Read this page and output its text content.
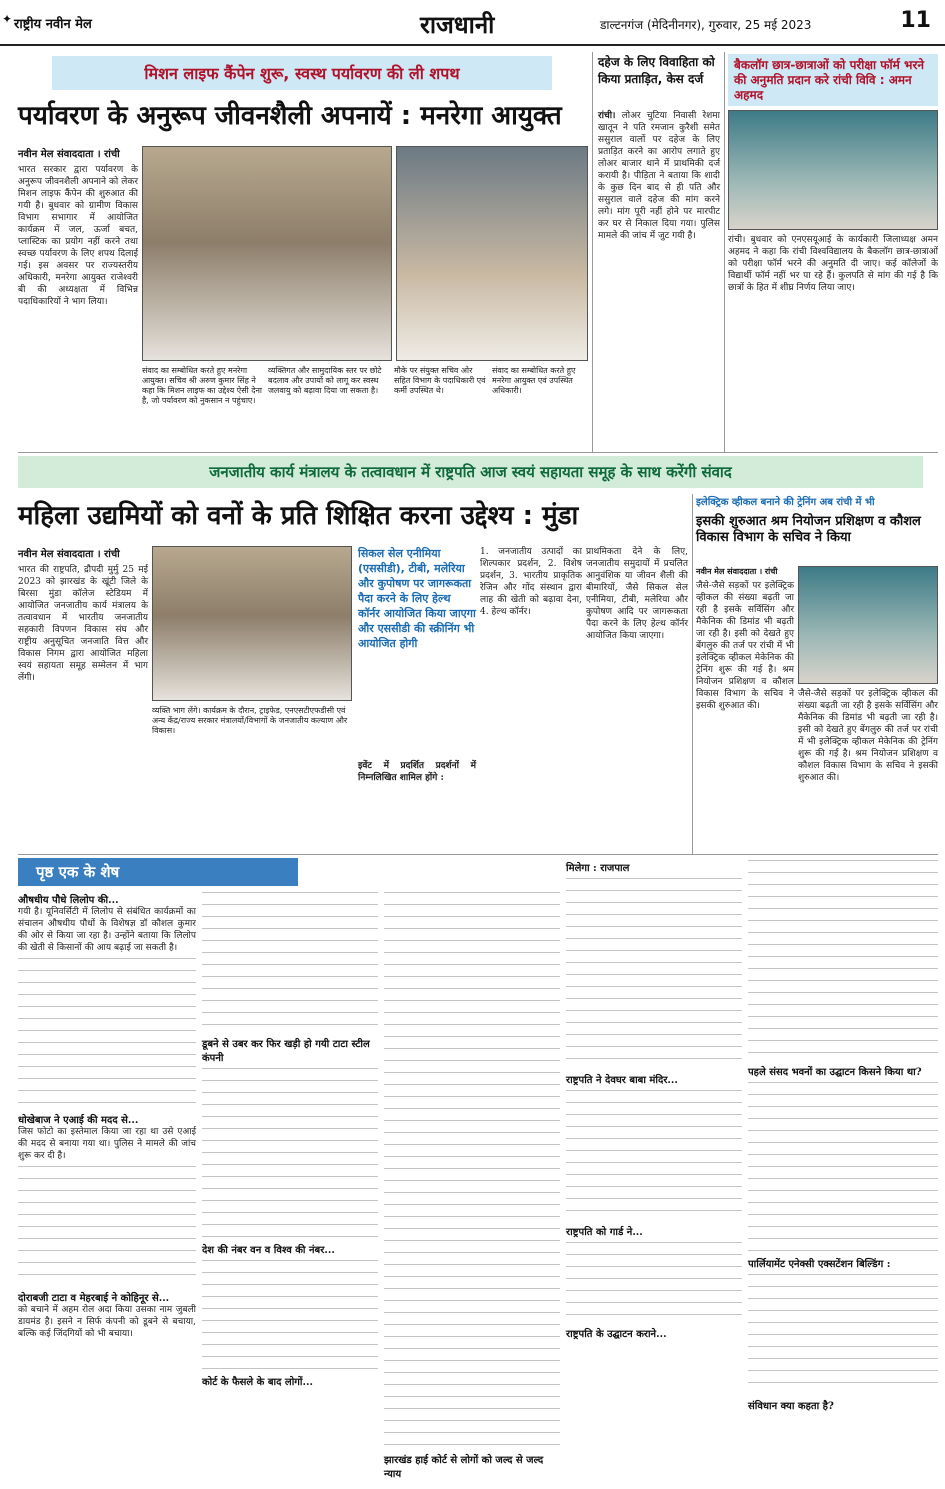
✦ राष्ट्रीय नवीन मेल	राजधानी	डाल्टनगंज (मेदिनीनगर), गुरुवार, 25 मई 2023	11
मिशन लाइफ कैंपेन शुरू, स्वस्थ पर्यावरण की ली शपथ
पर्यावरण के अनुरूप जीवनशैली अपनायें : मनरेगा आयुक्त
नवीन मेल संवाददाता । रांची
भारत सरकार द्वारा पर्यावरण के अनुरूप जीवनशैली अपनाने को लेकर मिशन लाइफ कैंपेन की शुरुआत की गयी है। बुधवार को ग्रामीण विकास विभाग सभागार में आयोजित कार्यक्रम में जल, ऊर्जा बचत, प्लास्टिक का प्रयोग नहीं करने तथा स्वच्छ पर्यावरण के लिए शपथ दिलाई गई। इस अवसर पर राज्यस्तरीय अधिकारी, मनरेगा आयुक्त राजेश्वरी बी की अध्यक्षता में विभिन्न पदाधिकारियों ने भाग लिया।
संवाद का सम्बोधित करते हुए मनरेगा आयुक्त। सचिव श्री अरुण कुमार सिंह ने कहा कि मिशन लाइफ का उद्देश्य ऐसी देना है, जो पर्यावरण को नुकसान न पहुंचाए।
व्यक्तिगत और सामुदायिक स्तर पर छोटे बदलाव और उपायों को लागू कर स्वस्थ जलवायु को बढ़ावा दिया जा सकता है।
मौके पर संयुक्त सचिव ओर सहित विभाग के पदाधिकारी एवं कर्मी उपस्थित थे।
संवाद का सम्बोधित करते हुए मनरेगा आयुक्त एवं उपस्थित अधिकारी।
दहेज के लिए विवाहिता को किया प्रताड़ित, केस दर्ज
रांची। लोअर चुटिया निवासी रेशमा खातून ने पति रमजान कुरैशी समेत ससुराल वालों पर दहेज के लिए प्रताड़ित करने का आरोप लगाते हुए लोअर बाजार थाने में प्राथमिकी दर्ज करायी है। पीड़िता ने बताया कि शादी के कुछ दिन बाद से ही पति और ससुराल वाले दहेज की मांग करने लगे। मांग पूरी नहीं होने पर मारपीट कर घर से निकाल दिया गया। पुलिस मामले की जांच में जुट गयी है।
बैकलॉग छात्र-छात्राओं को परीक्षा फॉर्म भरने की अनुमति प्रदान करे रांची विवि : अमन अहमद
रांची। बुधवार को एनएसयूआई के कार्यकारी जिलाध्यक्ष अमन अहमद ने कहा कि रांची विश्वविद्यालय के बैकलॉग छात्र-छात्राओं को परीक्षा फॉर्म भरने की अनुमति दी जाए। कई कॉलेजों के विद्यार्थी फॉर्म नहीं भर पा रहे हैं। कुलपति से मांग की गई है कि छात्रों के हित में शीघ्र निर्णय लिया जाए।
जनजातीय कार्य मंत्रालय के तत्वावधान में राष्ट्रपति आज स्वयं सहायता समूह के साथ करेंगी संवाद
महिला उद्यमियों को वनों के प्रति शिक्षित करना उद्देश्य : मुंडा
नवीन मेल संवाददाता । रांची
भारत की राष्ट्रपति, द्रौपदी मुर्मु 25 मई 2023 को झारखंड के खूंटी जिले के बिरसा मुंडा कॉलेज स्टेडियम में आयोजित जनजातीय कार्य मंत्रालय के तत्वावधान में भारतीय जनजातीय सहकारी विपणन विकास संघ और राष्ट्रीय अनुसूचित जनजाति वित्त और विकास निगम द्वारा आयोजित महिला स्वयं सहायता समूह सम्मेलन में भाग लेंगी।
सिकल सेल एनीमिया (एससीडी), टीबी, मलेरिया और कुपोषण पर जागरूकता पैदा करने के लिए हेल्थ कॉर्नर आयोजित किया जाएगा और एससीडी की स्क्रीनिंग भी आयोजित होगी
व्यक्ति भाग लेंगे। कार्यक्रम के दौरान, ट्राइफेड, एनएसटीएफडीसी एवं अन्य केंद्र/राज्य सरकार मंत्रालयों/विभागों के जनजातीय कल्याण और विकास।
इवेंट में प्रदर्शित प्रदर्शनों में निम्नलिखित शामिल होंगे :
1. जनजातीय उत्पादों का शिल्पकार प्रदर्शन, 2. विशेष प्रदर्शन, 3. भारतीय प्राकृतिक रेजिन और गोंद संस्थान द्वारा लाह की खेती को बढ़ावा देना, 4. हेल्थ कॉर्नर।
प्राथमिकता देने के लिए, जनजातीय समुदायों में प्रचलित आनुवंशिक या जीवन शैली की बीमारियों, जैसे सिकल सेल एनीमिया, टीबी, मलेरिया और कुपोषण आदि पर जागरूकता पैदा करने के लिए हेल्थ कॉर्नर आयोजित किया जाएगा।
इलेक्ट्रिक व्हीकल बनाने की ट्रेनिंग अब रांची में भी
इसकी शुरुआत श्रम नियोजन प्रशिक्षण व कौशल विकास विभाग के सचिव ने किया
नवीन मेल संवाददाता । रांची
जैसे-जैसे सड़कों पर इलेक्ट्रिक व्हीकल की संख्या बढ़ती जा रही है इसके सर्विसिंग और मैकेनिक की डिमांड भी बढ़ती जा रही है। इसी को देखते हुए बेंगलुरु की तर्ज पर रांची में भी इलेक्ट्रिक व्हीकल मेकेनिक की ट्रेनिंग शुरू की गई है। श्रम नियोजन प्रशिक्षण व कौशल विकास विभाग के सचिव ने इसकी शुरुआत की।
जैसे-जैसे सड़कों पर इलेक्ट्रिक व्हीकल की संख्या बढ़ती जा रही है इसके सर्विसिंग और मैकेनिक की डिमांड भी बढ़ती जा रही है। इसी को देखते हुए बेंगलुरु की तर्ज पर रांची में भी इलेक्ट्रिक व्हीकल मेकेनिक की ट्रेनिंग शुरू की गई है। श्रम नियोजन प्रशिक्षण व कौशल विकास विभाग के सचिव ने इसकी शुरुआत की।
पृष्ठ एक के शेष
औषधीय पौधे लिलोप की...
गयी है। यूनिवर्सिटी में लिलोप से संबंधित कार्यक्रमों का संचालन औषधीय पौधों के विशेषज्ञ डॉ कौशल कुमार की ओर से किया जा रहा है। उन्होंने बताया कि लिलोप की खेती से किसानों की आय बढ़ाई जा सकती है।
धोखेबाज ने एआई की मदद से...
जिस फोटो का इस्तेमाल किया जा रहा था उसे एआई की मदद से बनाया गया था। पुलिस ने मामले की जांच शुरू कर दी है।
दोराबजी टाटा व मेहरबाई ने कोहिनूर से...
को बचाने में अहम रोल अदा किया उसका नाम जुबली डायमंड है। इसने न सिर्फ कंपनी को डूबने से बचाया, बल्कि कई जिंदगियों को भी बचाया।
डूबने से उबर कर फिर खड़ी हो गयी टाटा स्टील कंपनी
देश की नंबर वन व विश्व की नंबर...
कोर्ट के फैसले के बाद लोगों...
झारखंड हाई कोर्ट से लोगों को जल्द से जल्द न्याय
मिलेगा : राजपाल
राष्ट्रपति ने देवघर बाबा मंदिर...
राष्ट्रपति को गार्ड ने...
राष्ट्रपति के उद्घाटन कराने...
पहले संसद भवनों का उद्घाटन किसने किया था?
पार्लियामेंट एनेक्सी एक्सटेंशन बिल्डिंग :
संविधान क्या कहता है?
